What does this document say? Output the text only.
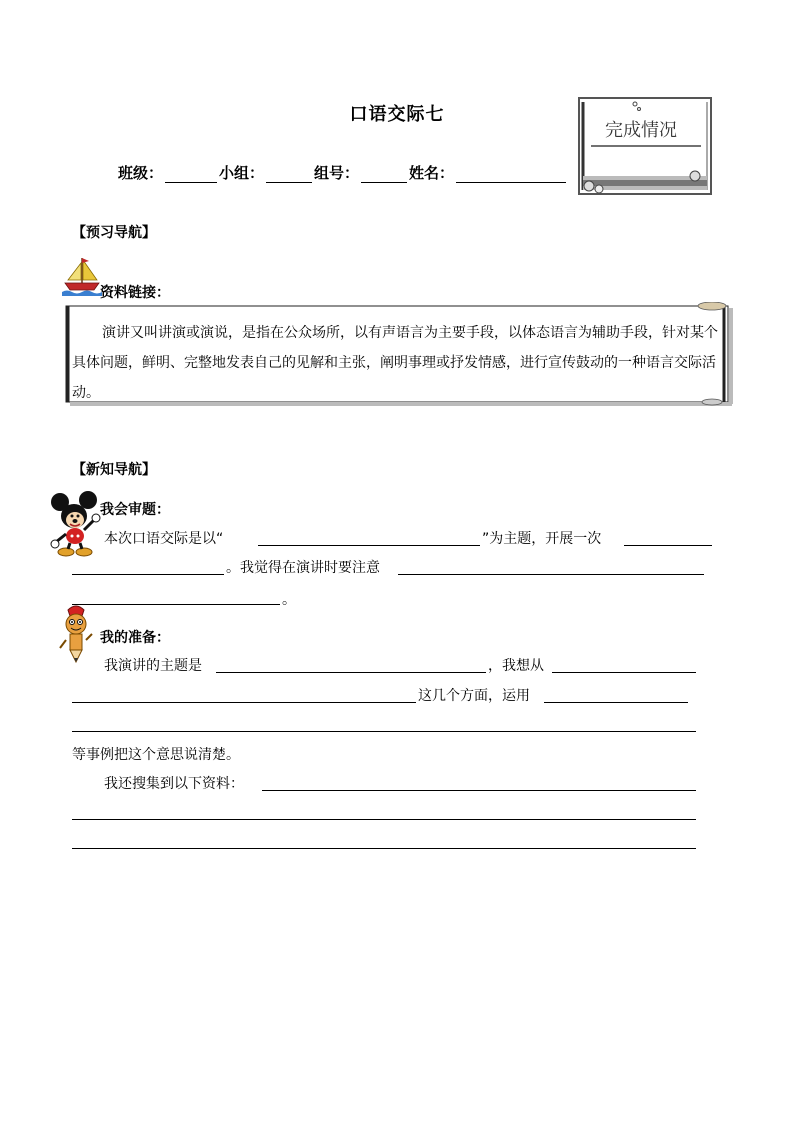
口语交际七
班级：	小组：	组号：	姓名：
完成情况
【预习导航】
资料链接：
演讲又叫讲演或演说，是指在公众场所，以有声语言为主要手段，以体态语言为辅助手段，针对某个具体问题，鲜明、完整地发表自己的见解和主张，阐明事理或抒发情感，进行宣传鼓动的一种语言交际活动。
【新知导航】
我会审题：
本次口语交际是以“	”为主题，开展一次
。我觉得在演讲时要注意
。
我的准备：
我演讲的主题是	，我想从
这几个方面，运用
等事例把这个意思说清楚。
我还搜集到以下资料：
